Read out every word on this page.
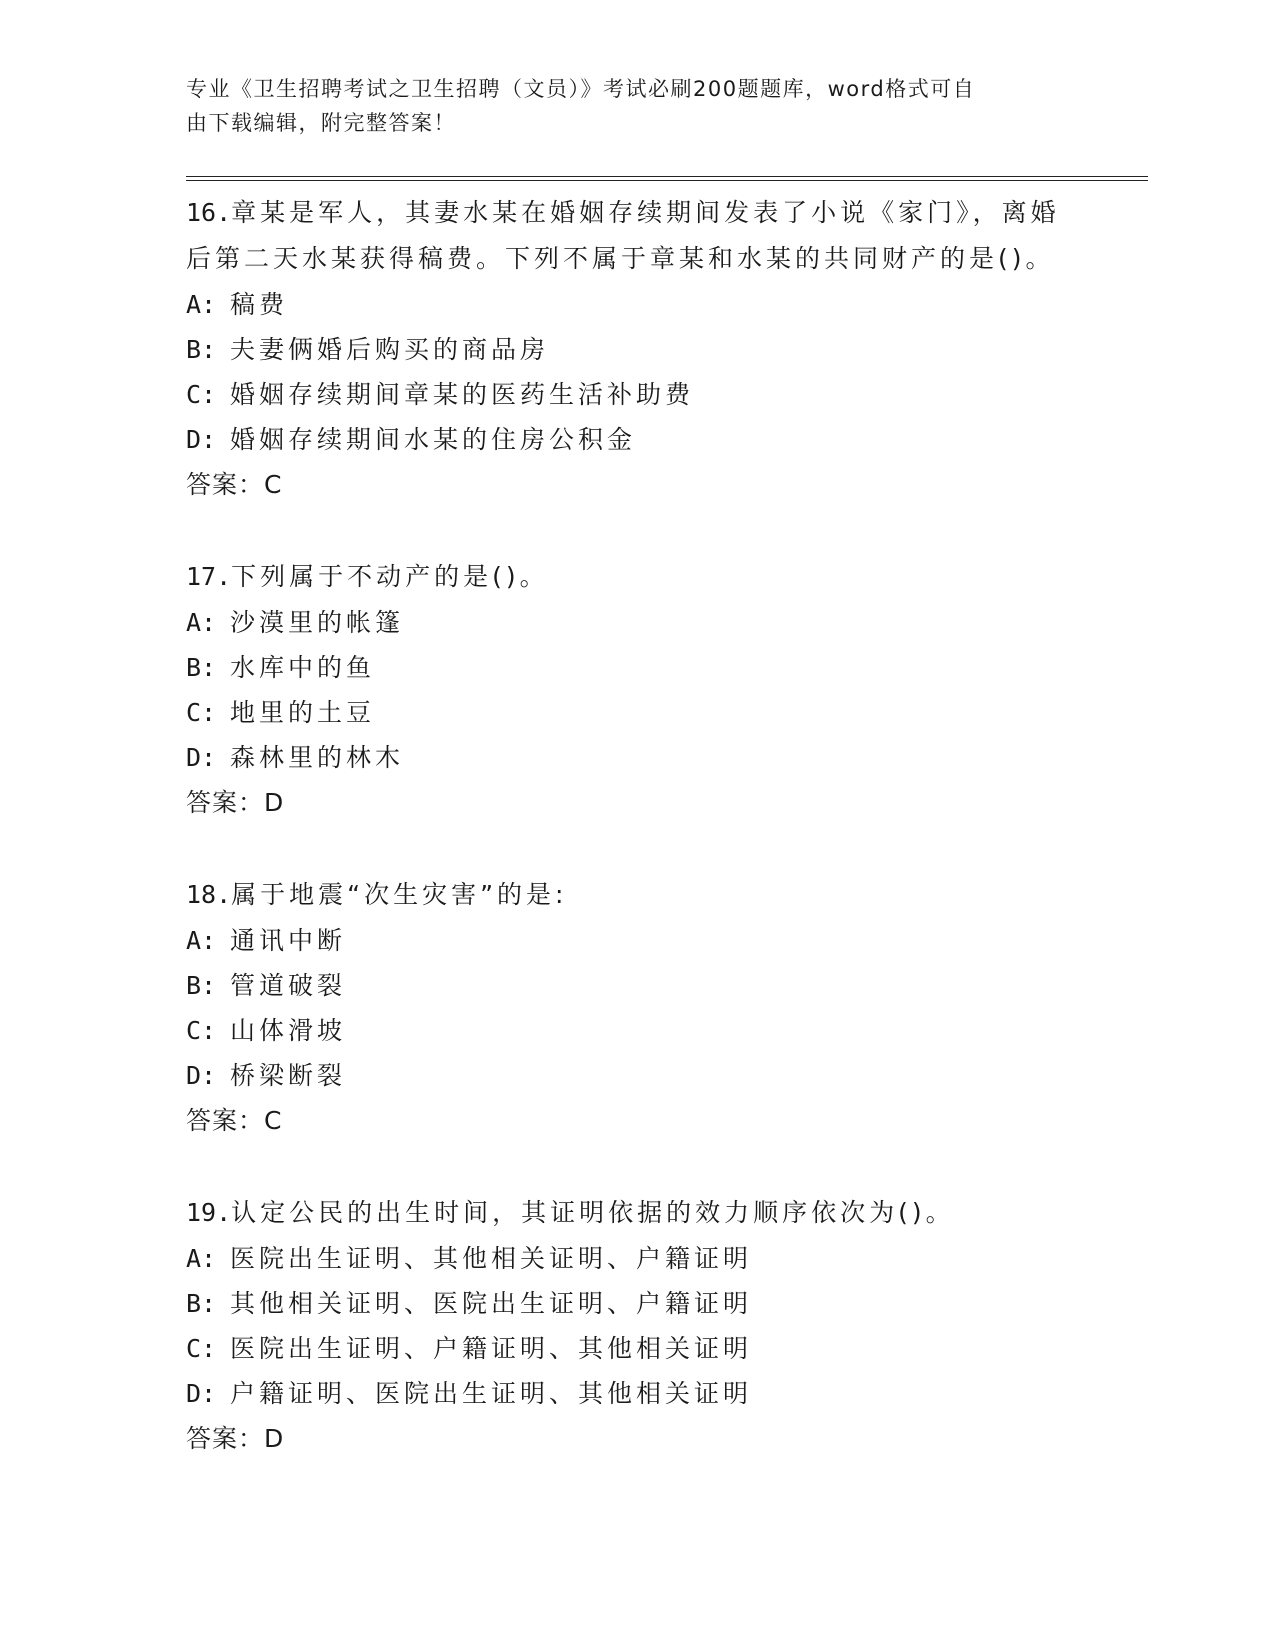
专业《卫生招聘考试之卫生招聘（文员）》考试必刷200题题库，word格式可自
由下载编辑，附完整答案！
16.章某是军人，其妻水某在婚姻存续期间发表了小说《家门》，离婚
后第二天水某获得稿费。下列不属于章某和水某的共同财产的是()。
A: 稿费
B: 夫妻俩婚后购买的商品房
C: 婚姻存续期间章某的医药生活补助费
D: 婚姻存续期间水某的住房公积金
答案：C
17.下列属于不动产的是()。
A: 沙漠里的帐篷
B: 水库中的鱼
C: 地里的土豆
D: 森林里的林木
答案：D
18.属于地震“次生灾害”的是:
A: 通讯中断
B: 管道破裂
C: 山体滑坡
D: 桥梁断裂
答案：C
19.认定公民的出生时间，其证明依据的效力顺序依次为()。
A: 医院出生证明、其他相关证明、户籍证明
B: 其他相关证明、医院出生证明、户籍证明
C: 医院出生证明、户籍证明、其他相关证明
D: 户籍证明、医院出生证明、其他相关证明
答案：D
